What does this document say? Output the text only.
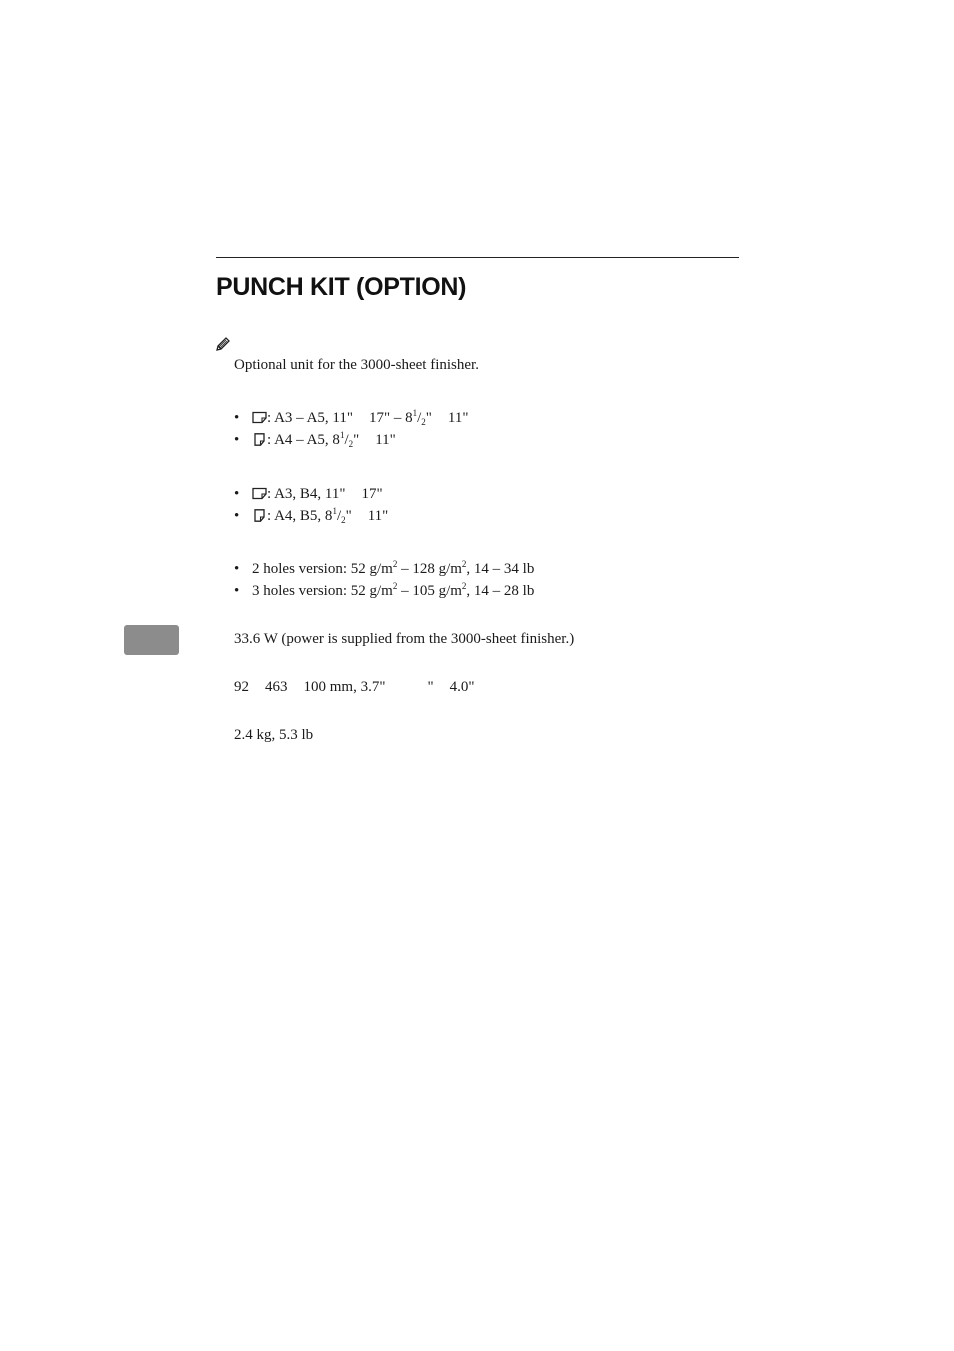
PUNCH KIT (OPTION)
Optional unit for the 3000-sheet finisher.
•	: A3 – A5, 11" 17" – $8^1/_2$" 11"
•	: A4 – A5, $8^1/_2$" 11"
•	: A3, B4, 11" 17"
•	: A4, B5, $8^1/_2$" 11"
• 2 holes version: 52 $g/m^2 - 128$ $g/m^2$, 14 – 34 lb
• 3 holes version: 52 $g/m^2 - 105$ $g/m^2$, 14 – 28 lb
33.6 W (power is supplied from the 3000-sheet finisher.)
92 463 100 mm, 3.7"	" 4.0"
2.4 kg, 5.3 lb
